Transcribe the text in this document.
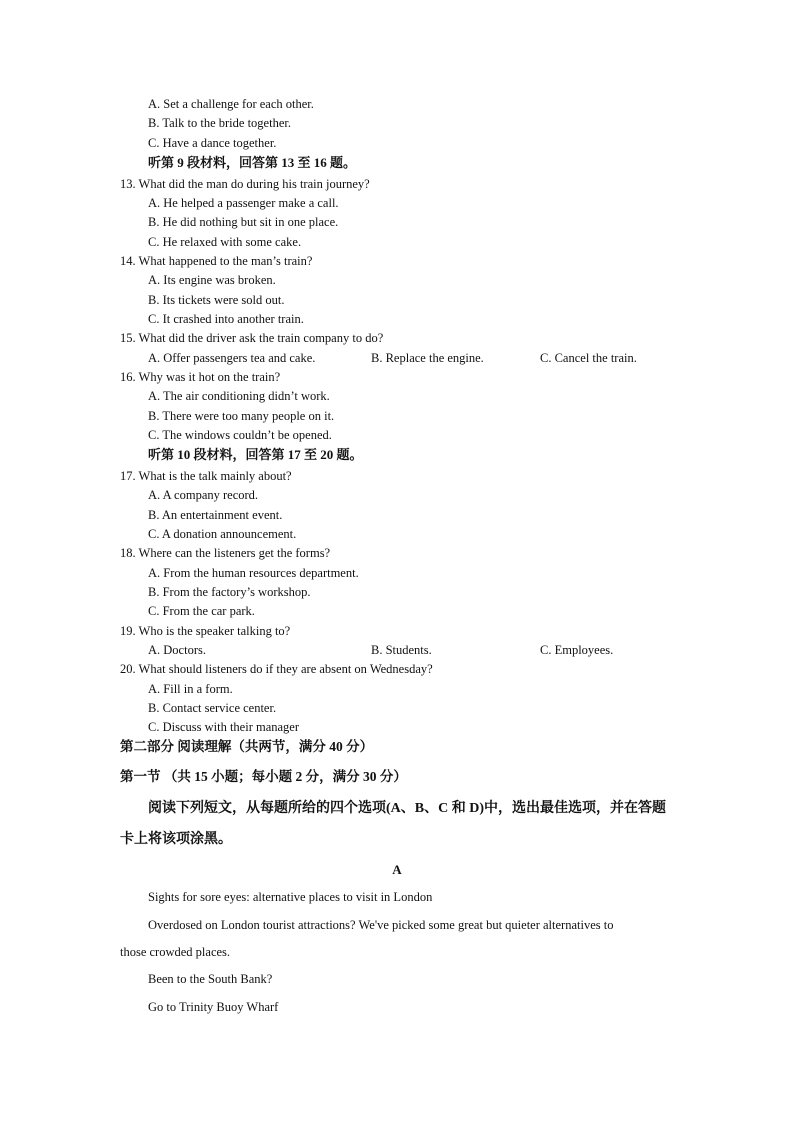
A. Set a challenge for each other.
B. Talk to the bride together.
C. Have a dance together.
听第 9 段材料，回答第 13 至 16 题。
13. What did the man do during his train journey?
A. He helped a passenger make a call.
B. He did nothing but sit in one place.
C. He relaxed with some cake.
14. What happened to the man’s train?
A. Its engine was broken.
B. Its tickets were sold out.
C. It crashed into another train.
15. What did the driver ask the train company to do?
A. Offer passengers tea and cake.	B. Replace the engine.	C. Cancel the train.
16. Why was it hot on the train?
A. The air conditioning didn’t work.
B. There were too many people on it.
C. The windows couldn’t be opened.
听第 10 段材料，回答第 17 至 20 题。
17. What is the talk mainly about?
A. A company record.
B. An entertainment event.
C. A donation announcement.
18. Where can the listeners get the forms?
A. From the human resources department.
B. From the factory’s workshop.
C. From the car park.
19. Who is the speaker talking to?
A. Doctors.	B. Students.	C. Employees.
20. What should listeners do if they are absent on Wednesday?
A. Fill in a form.
B. Contact service center.
C. Discuss with their manager
第二部分 阅读理解（共两节，满分 40 分）
第一节 （共 15 小题；每小题 2 分，满分 30 分）
阅读下列短文，从每题所给的四个选项(A、B、C 和 D)中，选出最佳选项，并在答题
卡上将该项涂黑。
A
Sights for sore eyes: alternative places to visit in London
Overdosed on London tourist attractions? We've picked some great but quieter alternatives to
those crowded places.
Been to the South Bank?
Go to Trinity Buoy Wharf
